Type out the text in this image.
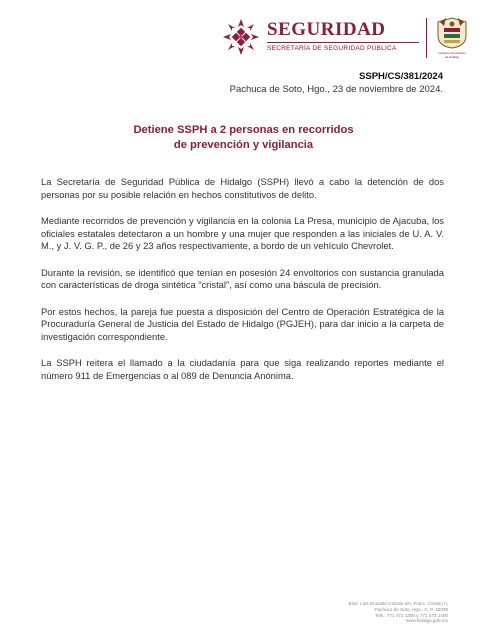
SEGURIDAD
SECRETARÍA DE SEGURIDAD PÚBLICA
Gobierno del Estado
de Hidalgo
SSPH/CS/381/2024
Pachuca de Soto, Hgo., 23 de noviembre de 2024.
Detiene SSPH a 2 personas en recorridos
de prevención y vigilancia

La Secretaría de Seguridad Pública de Hidalgo (SSPH) llevó a cabo la detención de dos personas por su posible relación en hechos constitutivos de delito.

Mediante recorridos de prevención y vigilancia en la colonia La Presa, municipio de Ajacuba, los oficiales estatales detectaron a un hombre y una mujer que responden a las iniciales de U. A. V. M., y J. V. G. P., de 26 y 23 años respectivamente, a bordo de un vehículo Chevrolet.

Durante la revisión, se identificó que tenían en posesión 24 envoltorios con sustancia granulada con características de droga sintética “cristal”, así como una báscula de precisión.

Por estos hechos, la pareja fue puesta a disposición del Centro de Operación Estratégica de la Procuraduría General de Justicia del Estado de Hidalgo (PGJEH), para dar inicio a la carpeta de investigación correspondiente.

La SSPH reitera el llamado a la ciudadanía para que siga realizando reportes mediante el número 911 de Emergencias o al 089 de Denuncia Anónima.

Blvd. Luis Donaldo Colosio s/n, Fracc. Colosio II,
Pachuca de Soto, Hgo., C. P. 42039
Tels.: 771 473 1300 y 771 473 1400
www.hidalgo.gob.mx
